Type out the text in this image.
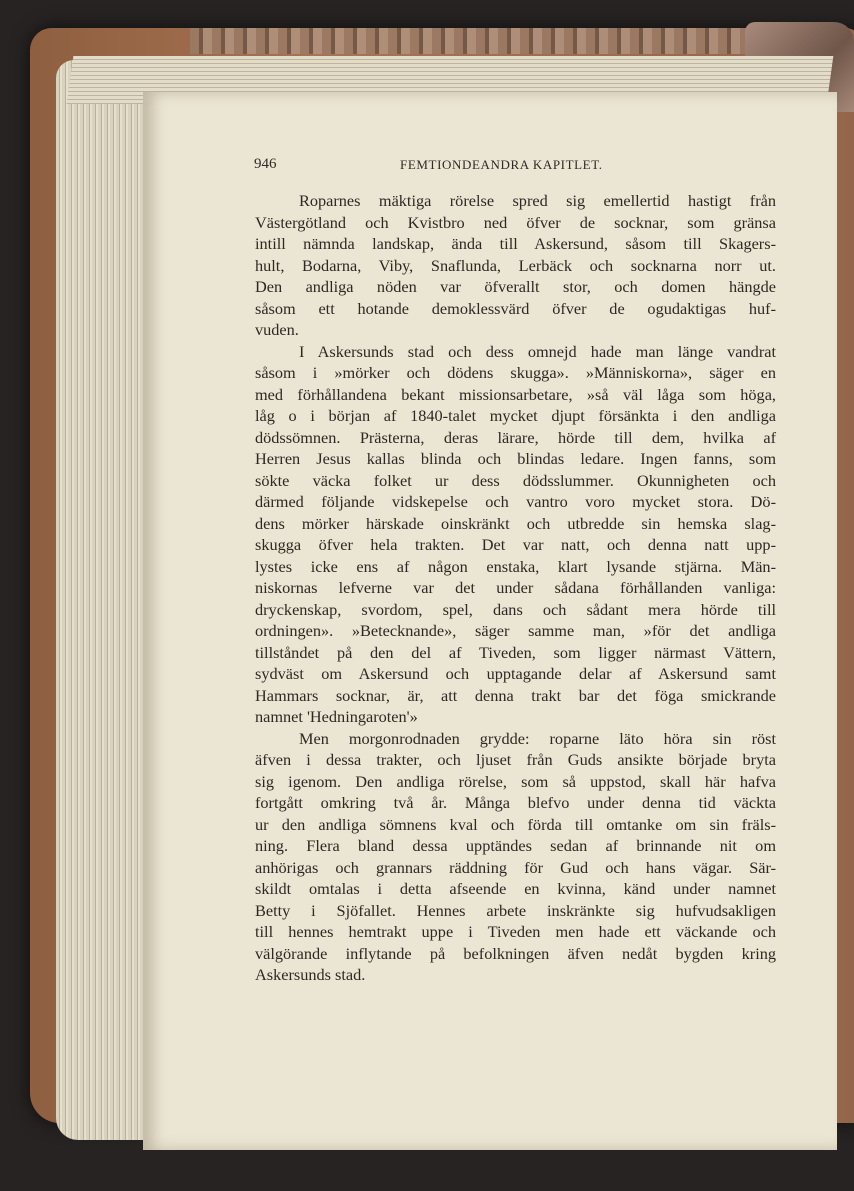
946	FEMTIONDEANDRA KAPITLET.
Roparnes mäktiga rörelse spred sig emellertid hastigt från
Västergötland och Kvistbro ned öfver de socknar, som gränsa
intill nämnda landskap, ända till Askersund, såsom till Skagers-
hult, Bodarna, Viby, Snaflunda, Lerbäck och socknarna norr ut.
Den andliga nöden var öfverallt stor, och domen hängde
såsom ett hotande demoklessvärd öfver de ogudaktigas huf-
vuden.
I Askersunds stad och dess omnejd hade man länge vandrat
såsom i »mörker och dödens skugga». »Människorna», säger en
med förhållandena bekant missionsarbetare, »så väl låga som höga,
låg o i början af 1840-talet mycket djupt försänkta i den andliga
dödssömnen. Prästerna, deras lärare, hörde till dem, hvilka af
Herren Jesus kallas blinda och blindas ledare. Ingen fanns, som
sökte väcka folket ur dess dödsslummer. Okunnigheten och
därmed följande vidskepelse och vantro voro mycket stora. Dö-
dens mörker härskade oinskränkt och utbredde sin hemska slag-
skugga öfver hela trakten. Det var natt, och denna natt upp-
lystes icke ens af någon enstaka, klart lysande stjärna. Män-
niskornas lefverne var det under sådana förhållanden vanliga:
dryckenskap, svordom, spel, dans och sådant mera hörde till
ordningen». »Betecknande», säger samme man, »för det andliga
tillståndet på den del af Tiveden, som ligger närmast Vättern,
sydväst om Askersund och upptagande delar af Askersund samt
Hammars socknar, är, att denna trakt bar det föga smickrande
namnet 'Hedningaroten'»
Men morgonrodnaden grydde: roparne läto höra sin röst
äfven i dessa trakter, och ljuset från Guds ansikte började bryta
sig igenom. Den andliga rörelse, som så uppstod, skall här hafva
fortgått omkring två år. Många blefvo under denna tid väckta
ur den andliga sömnens kval och förda till omtanke om sin fräls-
ning. Flera bland dessa upptändes sedan af brinnande nit om
anhörigas och grannars räddning för Gud och hans vägar. Sär-
skildt omtalas i detta afseende en kvinna, känd under namnet
Betty i Sjöfallet. Hennes arbete inskränkte sig hufvudsakligen
till hennes hemtrakt uppe i Tiveden men hade ett väckande och
välgörande inflytande på befolkningen äfven nedåt bygden kring
Askersunds stad.
